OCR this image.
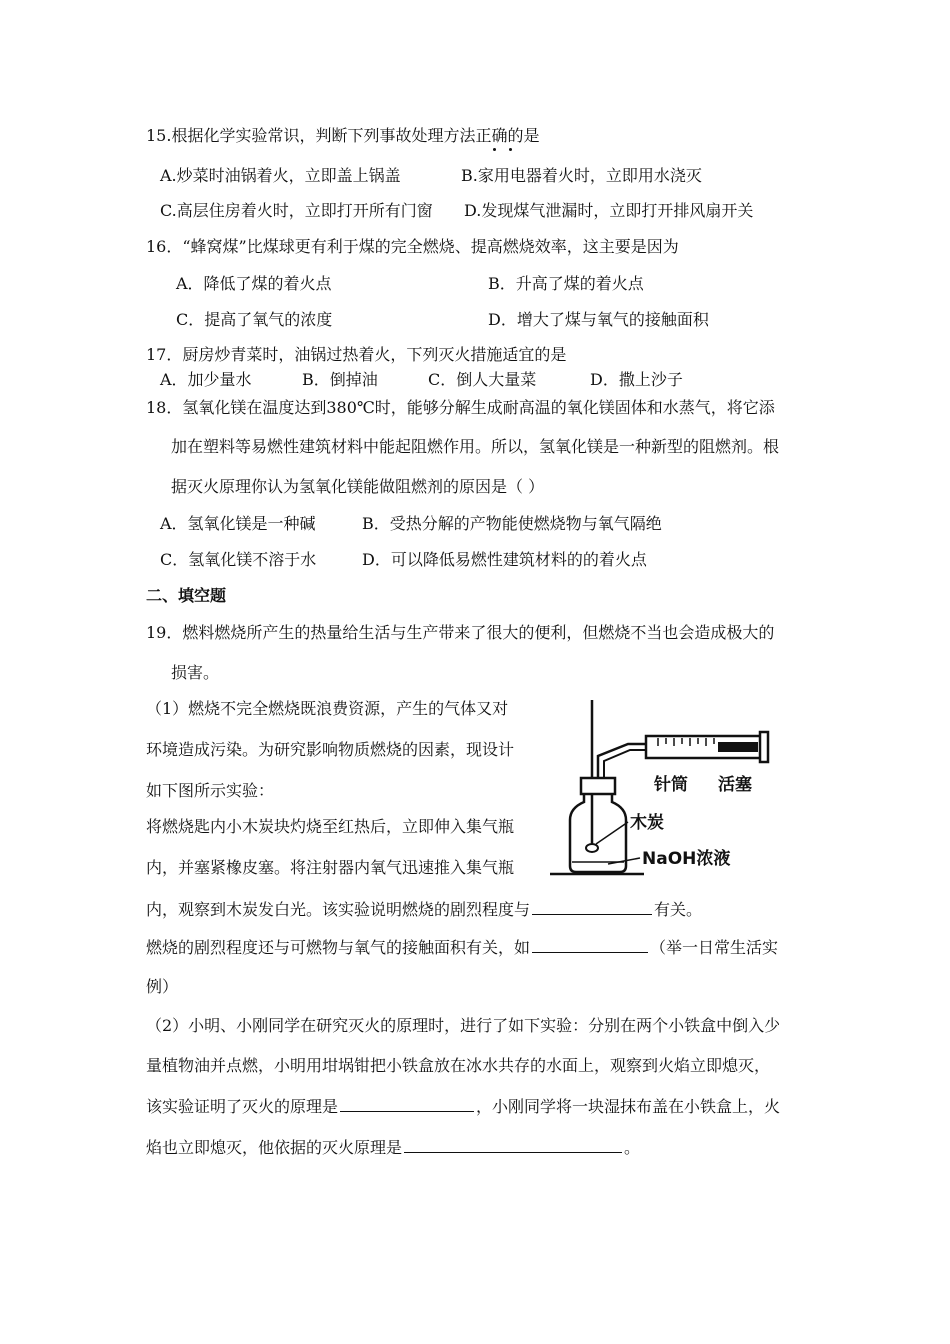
15.根据化学实验常识，判断下列事故处理方法正确的是
A.炒菜时油锅着火，立即盖上锅盖	B.家用电器着火时，立即用水浇灭
C.高层住房着火时，立即打开所有门窗 D.发现煤气泄漏时，立即打开排风扇开关
16．“蜂窝煤”比煤球更有利于煤的完全燃烧、提高燃烧效率，这主要是因为
A．降低了煤的着火点	B．升高了煤的着火点
C．提高了氧气的浓度	D．增大了煤与氧气的接触面积
17．厨房炒青菜时，油锅过热着火，下列灭火措施适宜的是
A．加少量水	B．倒掉油	C．倒人大量菜	D．撒上沙子
18．氢氧化镁在温度达到380℃时，能够分解生成耐高温的氧化镁固体和水蒸气，将它添
加在塑料等易燃性建筑材料中能起阻燃作用。所以，氢氧化镁是一种新型的阻燃剂。根
据灭火原理你认为氢氧化镁能做阻燃剂的原因是（ ）
A．氢氧化镁是一种碱	B．受热分解的产物能使燃烧物与氧气隔绝
C．氢氧化镁不溶于水	D．可以降低易燃性建筑材料的的着火点
二、填空题
19．燃料燃烧所产生的热量给生活与生产带来了很大的便利，但燃烧不当也会造成极大的
损害。
（1）燃烧不完全燃烧既浪费资源，产生的气体又对
环境造成污染。为研究影响物质燃烧的因素，现设计
如下图所示实验：
将燃烧匙内小木炭块灼烧至红热后，立即伸入集气瓶
内，并塞紧橡皮塞。将注射器内氧气迅速推入集气瓶
内，观察到木炭发白光。该实验说明燃烧的剧烈程度与	有关。
燃烧的剧烈程度还与可燃物与氧气的接触面积有关，如	（举一日常生活实
例）
（2）小明、小刚同学在研究灭火的原理时，进行了如下实验：分别在两个小铁盒中倒入少
量植物油并点燃，小明用坩埚钳把小铁盒放在冰水共存的水面上，观察到火焰立即熄灭，
该实验证明了灭火的原理是	，小刚同学将一块湿抹布盖在小铁盒上，火
焰也立即熄灭，他依据的灭火原理是	。
针筒 活塞
木炭
NaOH浓液
